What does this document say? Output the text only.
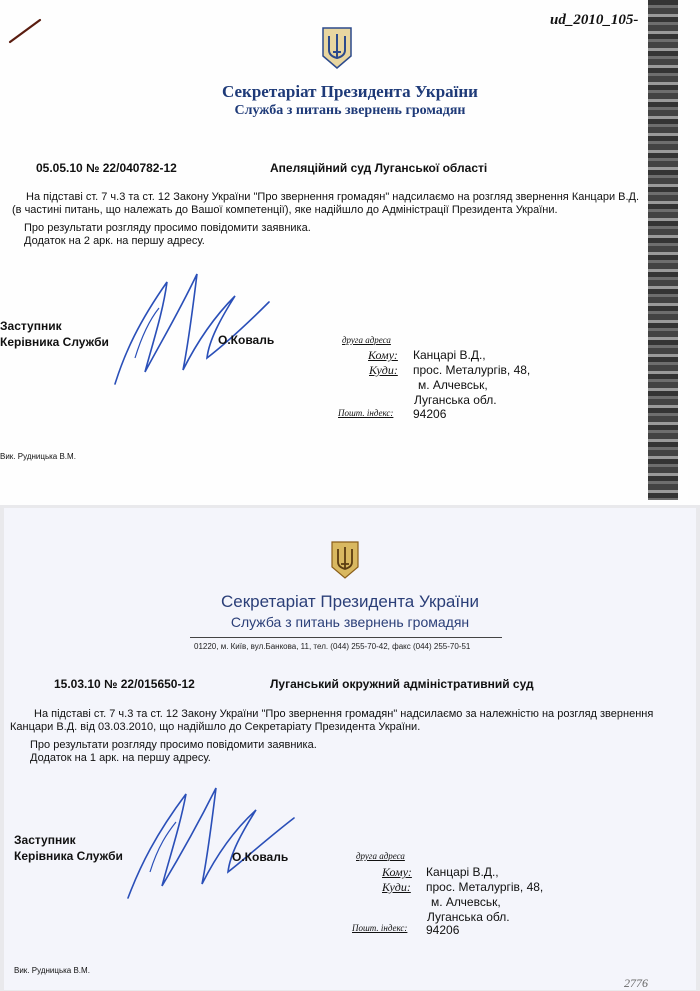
ud_2010_105-
Секретаріат Президента України
Служба з питань звернень громадян
05.05.10 № 22/040782-12	Апеляційний суд Луганської області

На підставі ст. 7 ч.3 та ст. 12 Закону України "Про звернення громадян" надсилаємо на розгляд звернення Канцари В.Д. (в частині питань, що належать до Вашої компетенції), яке надійшло до Адміністрації Президента України.

Про результати розгляду просимо повідомити заявника.

Додаток на 2 арк. на першу адресу.

Заступник
Керівника Служби	О.Коваль	друга адреса
Кому: Канцарі В.Д.,
Куди: прос. Металургів, 48,
м. Алчевськ,
Луганська обл.
Пошт. індекс: 94206
Вик. Рудницька В.М.
Секретаріат Президента України
Служба з питань звернень громадян
01220, м. Київ, вул.Банкова, 11, тел. (044) 255-70-42, факс (044) 255-70-51
15.03.10 № 22/015650-12	Луганський окружний адміністративний суд

На підставі ст. 7 ч.3 та ст. 12 Закону України "Про звернення громадян" надсилаємо за належністю на розгляд звернення Канцари В.Д. від 03.03.2010, що надійшло до Секретаріату Президента України.

Про результати розгляду просимо повідомити заявника.

Додаток на 1 арк. на першу адресу.

Заступник
Керівника Служби	О.Коваль	друга адреса
Кому: Канцарі В.Д.,
Куди: прос. Металургів, 48,
м. Алчевськ,
Луганська обл.
Пошт. індекс: 94206
Вик. Рудницька В.М.
2776
